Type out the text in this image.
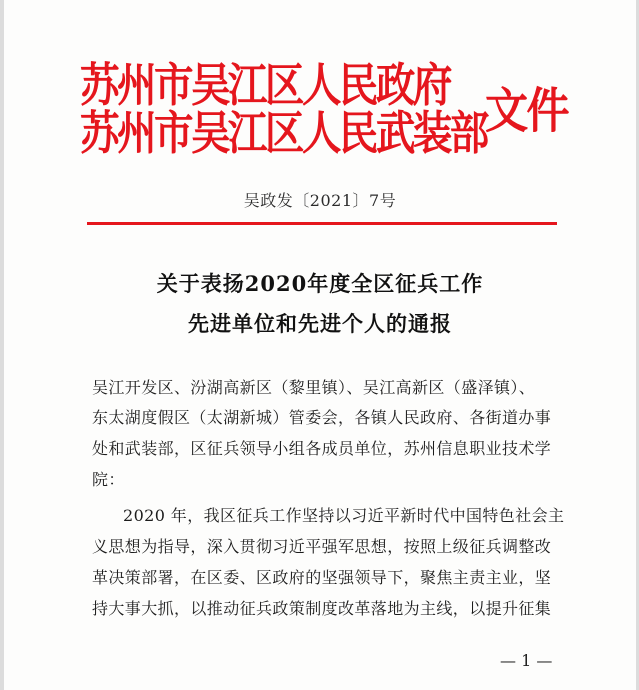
苏州市吴江区人民政府
苏州市吴江区人民武装部
文件
吴政发〔2021〕7号
关于表扬2020年度全区征兵工作
先进单位和先进个人的通报
吴江开发区、汾湖高新区（黎里镇）、吴江高新区（盛泽镇）、
东太湖度假区（太湖新城）管委会，各镇人民政府、各街道办事
处和武装部，区征兵领导小组各成员单位，苏州信息职业技术学
院：
2020 年，我区征兵工作坚持以习近平新时代中国特色社会主
义思想为指导，深入贯彻习近平强军思想，按照上级征兵调整改
革决策部署，在区委、区政府的坚强领导下，聚焦主责主业，坚
持大事大抓，以推动征兵政策制度改革落地为主线，以提升征集
— 1 —
